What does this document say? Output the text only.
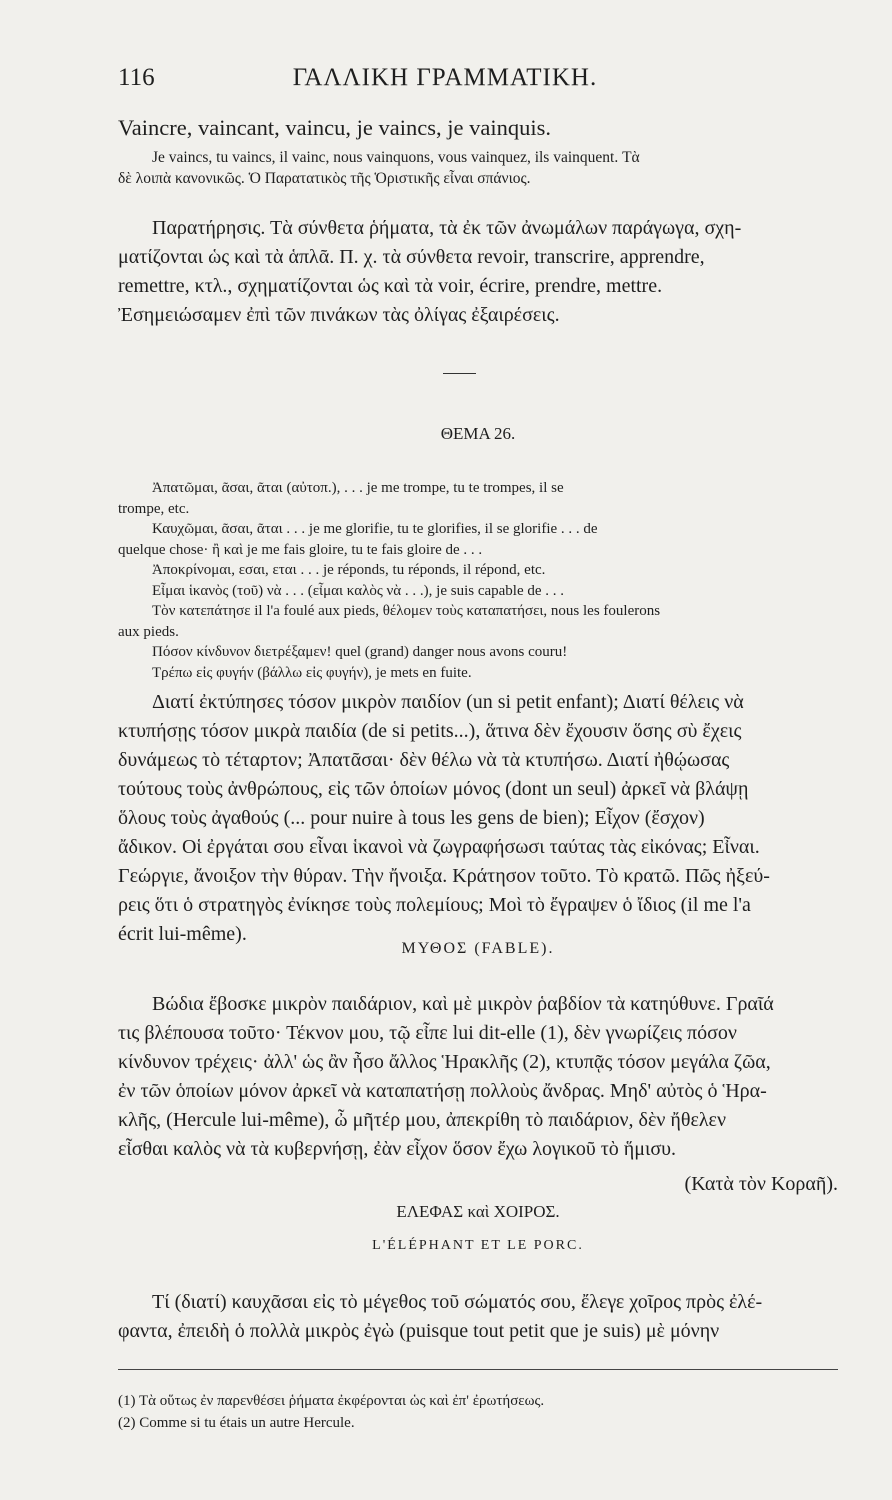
116	ΓΑΛΛΙΚΗ ΓΡΑΜΜΑΤΙΚΗ.
Vaincre, vaincant, vaincu, je vaincs, je vainquis.
Je vaincs, tu vaincs, il vainc, nous vainquons, vous vainquez, ils vainquent. Τὰ
δὲ λοιπὰ κανονικῶς. Ὁ Παρατατικὸς τῆς Ὁριστικῆς εἶναι σπάνιος.
Παρατήρησις. Τὰ σύνθετα ῥήματα, τὰ ἐκ τῶν ἀνωμάλων παράγωγα, σχη-
ματίζονται ὡς καὶ τὰ ἁπλᾶ. Π. χ. τὰ σύνθετα revoir, transcrire, apprendre,
remettre, κτλ., σχηματίζονται ὡς καὶ τὰ voir, écrire, prendre, mettre.
Ἐσημειώσαμεν ἐπὶ τῶν πινάκων τὰς ὀλίγας ἐξαιρέσεις.
ΘΕΜΑ 26.
Ἀπατῶμαι, ᾶσαι, ᾶται (αὐτοπ.), . . . je me trompe, tu te trompes, il se
trompe, etc.
Καυχῶμαι, ᾶσαι, ᾶται . . . je me glorifie, tu te glorifies, il se glorifie . . . de
quelque chose· ἢ καὶ je me fais gloire, tu te fais gloire de . . .
Ἀποκρίνομαι, εσαι, εται . . . je réponds, tu réponds, il répond, etc.
Εἶμαι ἱκανὸς (τοῦ) νὰ . . . (εἶμαι καλὸς νὰ . . .), je suis capable de . . .
Τὸν κατεπάτησε il l'a foulé aux pieds, θέλομεν τοὺς καταπατήσει, nous les foulerons
aux pieds.
Πόσον κίνδυνον διετρέξαμεν! quel (grand) danger nous avons couru!
Τρέπω εἰς φυγήν (βάλλω εἰς φυγήν), je mets en fuite.
Διατί ἐκτύπησες τόσον μικρὸν παιδίον (un si petit enfant); Διατί θέλεις νὰ
κτυπήσῃς τόσον μικρὰ παιδία (de si petits...), ἅτινα δὲν ἔχουσιν ὅσης σὺ ἔχεις
δυνάμεως τὸ τέταρτον; Ἀπατᾶσαι· δὲν θέλω νὰ τὰ κτυπήσω. Διατί ἠθῴωσας
τούτους τοὺς ἀνθρώπους, εἰς τῶν ὁποίων μόνος (dont un seul) ἀρκεῖ νὰ βλάψῃ
ὅλους τοὺς ἀγαθούς (... pour nuire à tous les gens de bien); Εἶχον (ἔσχον)
ἄδικον. Οἱ ἐργάται σου εἶναι ἱκανοὶ νὰ ζωγραφήσωσι ταύτας τὰς εἰκόνας; Εἶναι.
Γεώργιε, ἄνοιξον τὴν θύραν. Τὴν ἤνοιξα. Κράτησον τοῦτο. Τὸ κρατῶ. Πῶς ἠξεύ-
ρεις ὅτι ὁ στρατηγὸς ἐνίκησε τοὺς πολεμίους; Μοὶ τὸ ἔγραψεν ὁ ἴδιος (il me l'a
écrit lui-même).
ΜΥΘΟΣ (FABLE).
Βώδια ἔβοσκε μικρὸν παιδάριον, καὶ μὲ μικρὸν ῥαβδίον τὰ κατηύθυνε. Γραῖά
τις βλέπουσα τοῦτο· Τέκνον μου, τῷ εἶπε lui dit-elle (1), δὲν γνωρίζεις πόσον
κίνδυνον τρέχεις· ἀλλ' ὡς ἂν ἦσο ἄλλος Ἡρακλῆς (2), κτυπᾷς τόσον μεγάλα ζῶα,
ἐν τῶν ὁποίων μόνον ἀρκεῖ νὰ καταπατήσῃ πολλοὺς ἄνδρας. Μηδ' αὐτὸς ὁ Ἡρα-
κλῆς, (Hercule lui-même), ὦ μῆτέρ μου, ἀπεκρίθη τὸ παιδάριον, δὲν ἤθελεν
εἶσθαι καλὸς νὰ τὰ κυβερνήσῃ, ἐὰν εἶχον ὅσον ἔχω λογικοῦ τὸ ἥμισυ.
(Κατὰ τὸν Κοραῆ).
ΕΛΕΦΑΣ καὶ ΧΟΙΡΟΣ.
L'ÉLÉPHANT ET LE PORC.
Τί (διατί) καυχᾶσαι εἰς τὸ μέγεθος τοῦ σώματός σου, ἔλεγε χοῖρος πρὸς ἐλέ-
φαντα, ἐπειδὴ ὁ πολλὰ μικρὸς ἐγὼ (puisque tout petit que je suis) μὲ μόνην
(1) Τὰ οὕτως ἐν παρενθέσει ῥήματα ἐκφέρονται ὡς καὶ ἐπ' ἐρωτήσεως.
(2) Comme si tu étais un autre Hercule.
